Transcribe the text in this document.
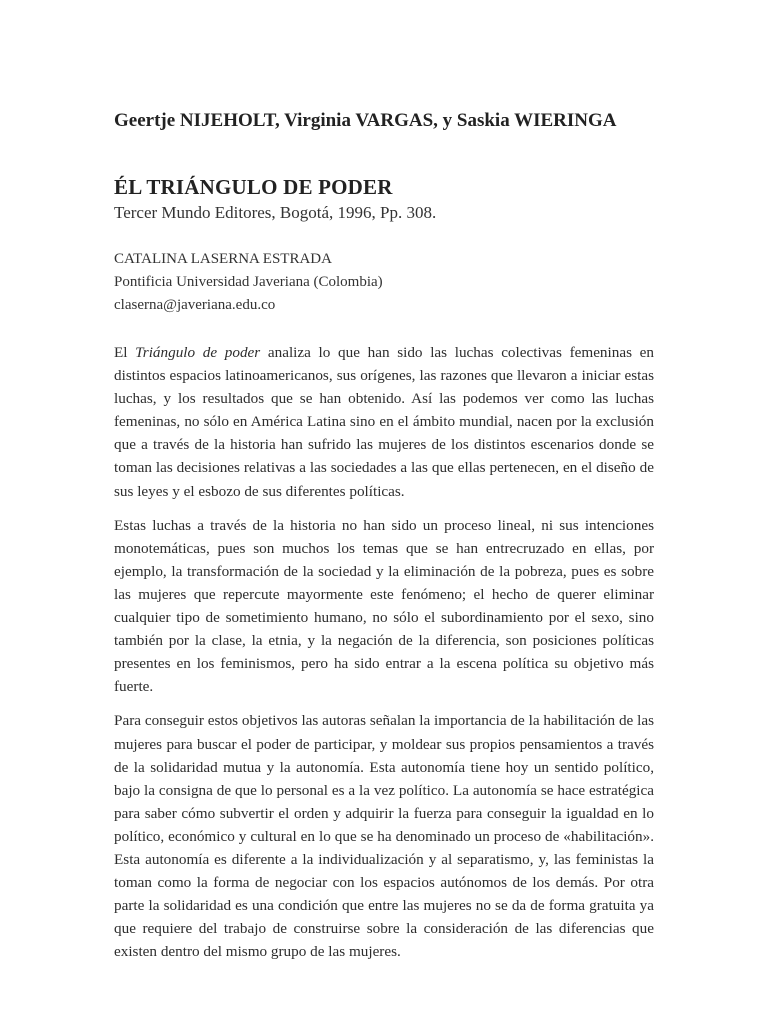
Geertje NIJEHOLT, Virginia VARGAS, y Saskia WIERINGA
ÉL TRIÁNGULO DE PODER
Tercer Mundo Editores, Bogotá, 1996, Pp. 308.
CATALINA LASERNA ESTRADA
Pontificia Universidad Javeriana (Colombia)
claserna@javeriana.edu.co

El Triángulo de poder analiza lo que han sido las luchas colectivas femeninas en distintos espacios latinoamericanos, sus orígenes, las razones que llevaron a iniciar estas luchas, y los resultados que se han obtenido. Así las podemos ver como las luchas femeninas, no sólo en América Latina sino en el ámbito mundial, nacen por la exclusión que a través de la historia han sufrido las mujeres de los distintos escenarios donde se toman las decisiones relativas a las sociedades a las que ellas pertenecen, en el diseño de sus leyes y el esbozo de sus diferentes políticas.

Estas luchas a través de la historia no han sido un proceso lineal, ni sus intenciones monotemáticas, pues son muchos los temas que se han entrecruzado en ellas, por ejemplo, la transformación de la sociedad y la eliminación de la pobreza, pues es sobre las mujeres que repercute mayormente este fenómeno; el hecho de querer eliminar cualquier tipo de sometimiento humano, no sólo el subordinamiento por el sexo, sino también por la clase, la etnia, y la negación de la diferencia, son posiciones políticas presentes en los feminismos, pero ha sido entrar a la escena política su objetivo más fuerte.

Para conseguir estos objetivos las autoras señalan la importancia de la habilitación de las mujeres para buscar el poder de participar, y moldear sus propios pensamientos a través de la solidaridad mutua y la autonomía. Esta autonomía tiene hoy un sentido político, bajo la consigna de que lo personal es a la vez político. La autonomía se hace estratégica para saber cómo subvertir el orden y adquirir la fuerza para conseguir la igualdad en lo político, económico y cultural en lo que se ha denominado un proceso de «habilitación». Esta autonomía es diferente a la individualización y al separatismo, y, las feministas la toman como la forma de negociar con los espacios autónomos de los demás. Por otra parte la solidaridad es una condición que entre las mujeres no se da de forma gratuita ya que requiere del trabajo de construirse sobre la consideración de las diferencias que existen dentro del mismo grupo de las mujeres.
